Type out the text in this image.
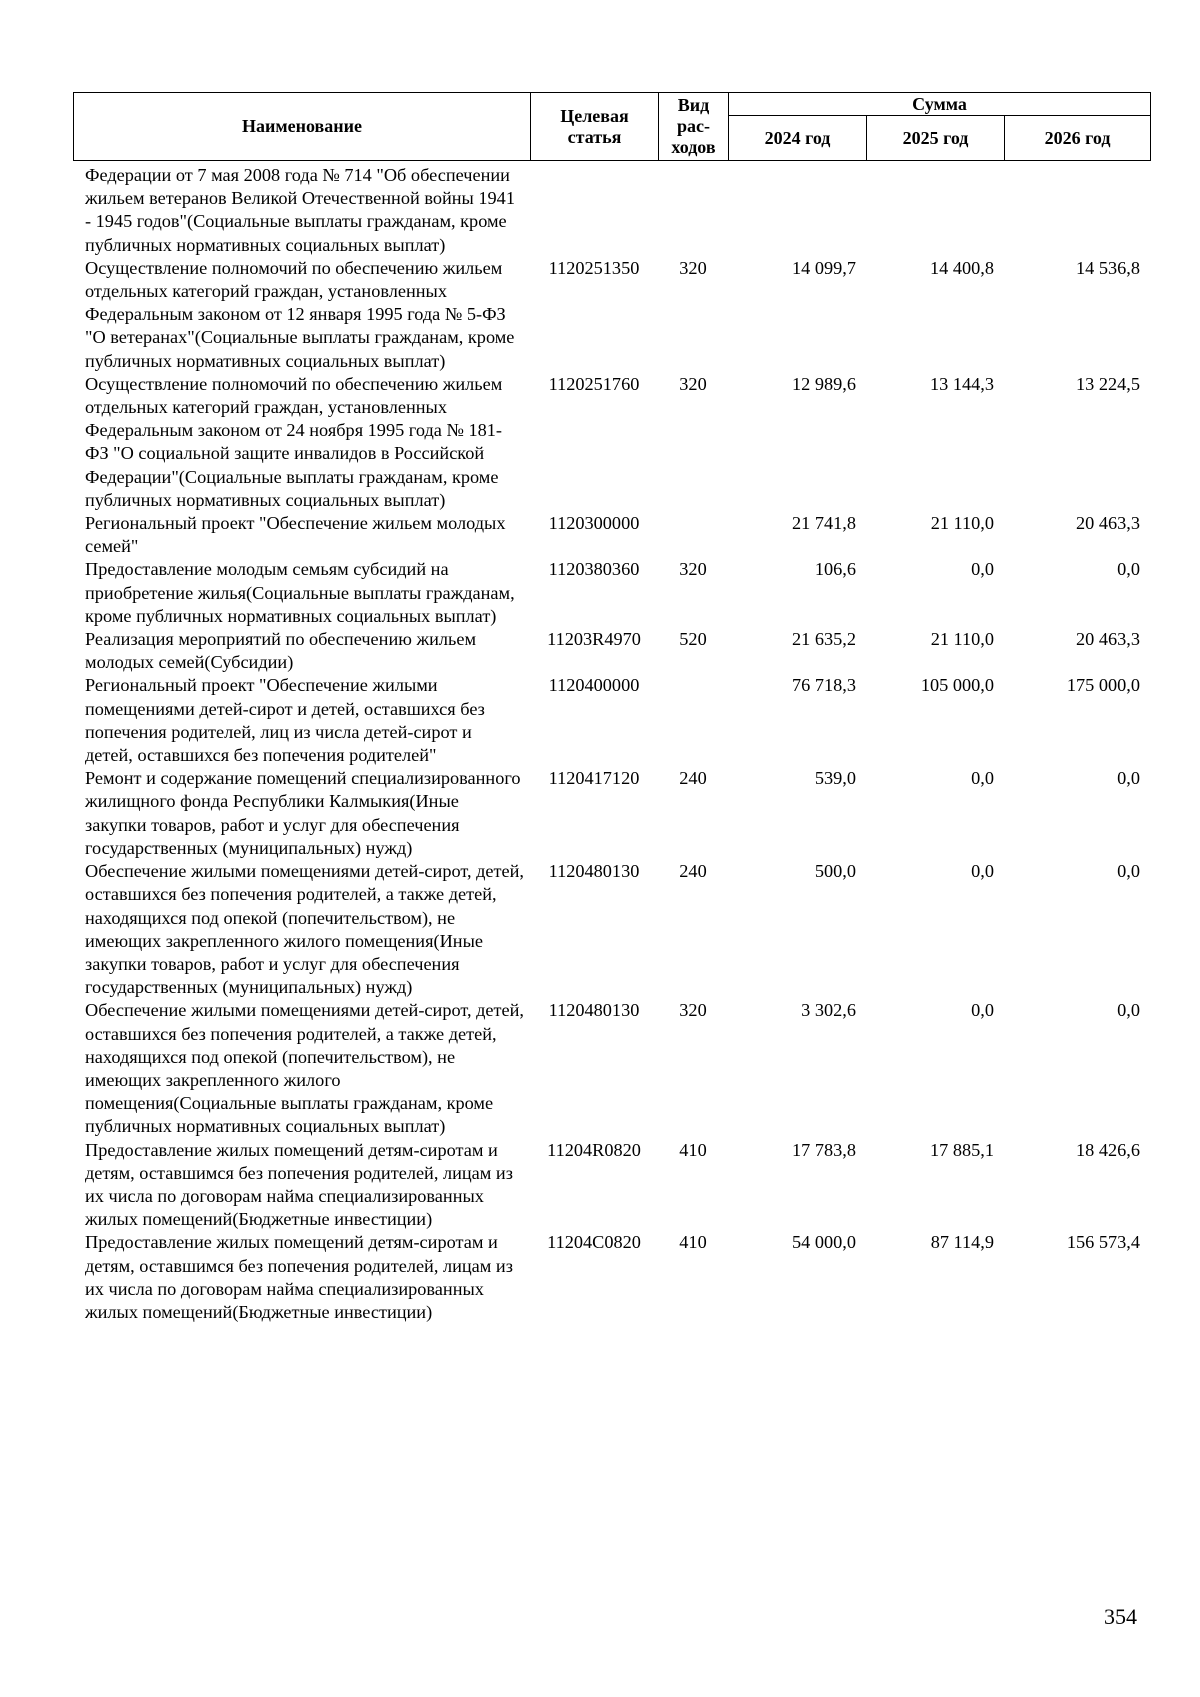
Наименование	Целевая статья	Вид рас-ходов	Сумма		
			2024 год	2025 год	2026 год
Федерации от 7 мая 2008 года № 714 "Об обеспечении жильем ветеранов Великой Отечественной войны 1941 - 1945 годов"(Социальные выплаты гражданам, кроме публичных нормативных социальных выплат)					
Осуществление полномочий по обеспечению жильем отдельных категорий граждан, установленных Федеральным законом от 12 января 1995 года № 5-ФЗ "О ветеранах"(Социальные выплаты гражданам, кроме публичных нормативных социальных выплат)	1120251350	320	14 099,7	14 400,8	14 536,8
Осуществление полномочий по обеспечению жильем отдельных категорий граждан, установленных Федеральным законом от 24 ноября 1995 года № 181-ФЗ "О социальной защите инвалидов в Российской Федерации"(Социальные выплаты гражданам, кроме публичных нормативных социальных выплат)	1120251760	320	12 989,6	13 144,3	13 224,5
Региональный проект "Обеспечение жильем молодых семей"	1120300000		21 741,8	21 110,0	20 463,3
Предоставление молодым семьям субсидий на приобретение жилья(Социальные выплаты гражданам, кроме публичных нормативных социальных выплат)	1120380360	320	106,6	0,0	0,0
Реализация мероприятий по обеспечению жильем молодых семей(Субсидии)	11203R4970	520	21 635,2	21 110,0	20 463,3
Региональный проект "Обеспечение жилыми помещениями детей-сирот и детей, оставшихся без попечения родителей, лиц из числа детей-сирот и детей, оставшихся без попечения родителей"	1120400000		76 718,3	105 000,0	175 000,0
Ремонт и содержание помещений специализированного жилищного фонда Республики Калмыкия(Иные закупки товаров, работ и услуг для обеспечения государственных (муниципальных) нужд)	1120417120	240	539,0	0,0	0,0
Обеспечение жилыми помещениями детей-сирот, детей, оставшихся без попечения родителей, а также детей, находящихся под опекой (попечительством), не имеющих закрепленного жилого помещения(Иные закупки товаров, работ и услуг для обеспечения государственных (муниципальных) нужд)	1120480130	240	500,0	0,0	0,0
Обеспечение жилыми помещениями детей-сирот, детей, оставшихся без попечения родителей, а также детей, находящихся под опекой (попечительством), не имеющих закрепленного жилого помещения(Социальные выплаты гражданам, кроме публичных нормативных социальных выплат)	1120480130	320	3 302,6	0,0	0,0
Предоставление жилых помещений детям-сиротам и детям, оставшимся без попечения родителей, лицам из их числа по договорам найма специализированных жилых помещений(Бюджетные инвестиции)	11204R0820	410	17 783,8	17 885,1	18 426,6
Предоставление жилых помещений детям-сиротам и детям, оставшимся без попечения родителей, лицам из их числа по договорам найма специализированных жилых помещений(Бюджетные инвестиции)	11204C0820	410	54 000,0	87 114,9	156 573,4
354
